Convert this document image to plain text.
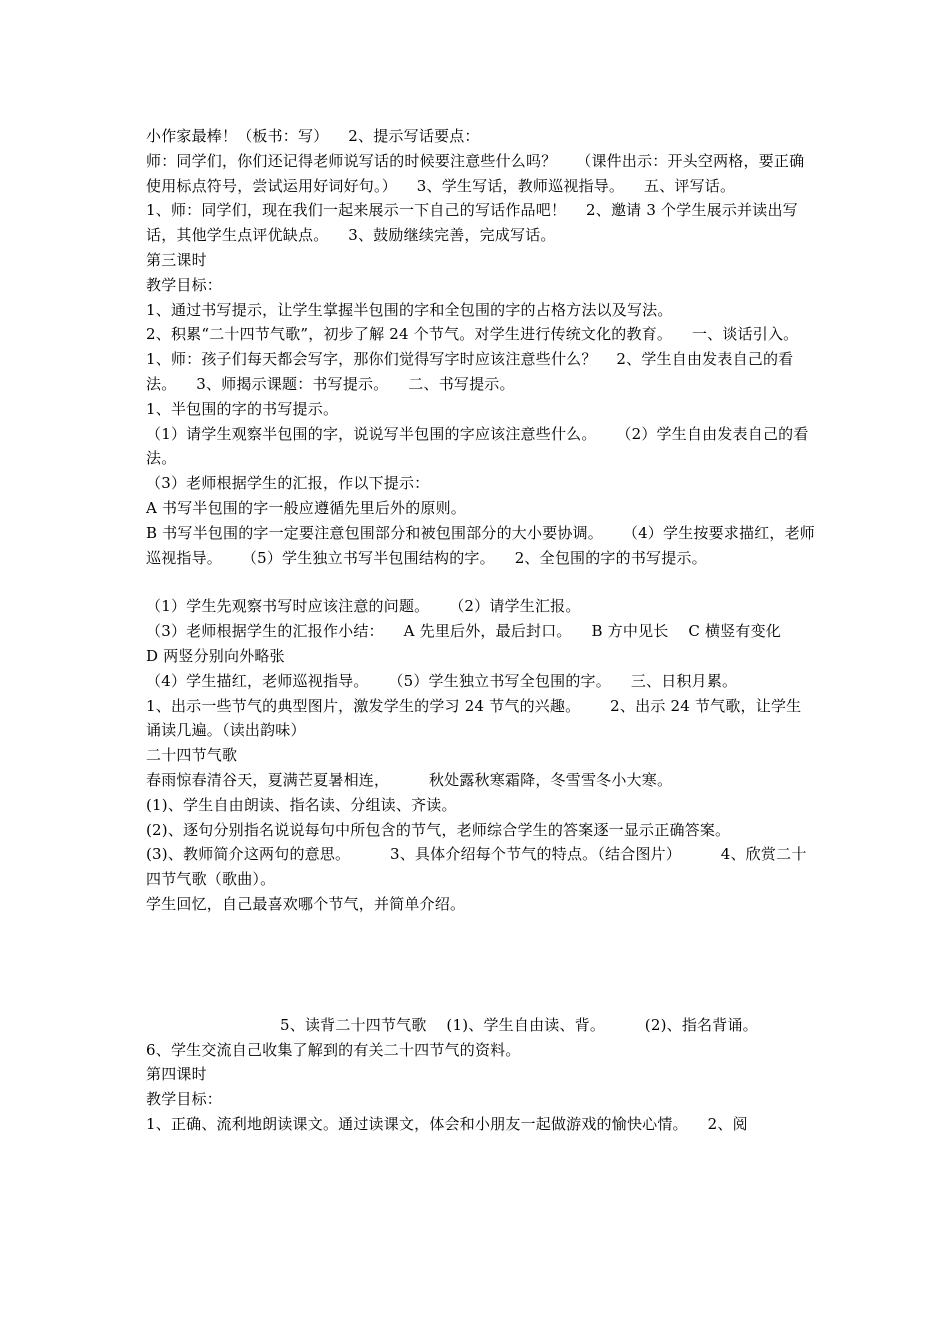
小作家最棒！（板书：写）    2、提示写话要点：

师：同学们，你们还记得老师说写话的时候要注意些什么吗？    （课件出示：开头空两格，要正确使用标点符号，尝试运用好词好句。）    3、学生写话，教师巡视指导。    五、评写话。

1、师：同学们，现在我们一起来展示一下自己的写话作品吧！    2、邀请 3 个学生展示并读出写话，其他学生点评优缺点。    3、鼓励继续完善，完成写话。

第三课时

教学目标：

1、通过书写提示，让学生掌握半包围的字和全包围的字的占格方法以及写法。

2、积累“二十四节气歌”，初步了解 24 个节气。对学生进行传统文化的教育。    一、谈话引入。

1、师：孩子们每天都会写字，那你们觉得写字时应该注意些什么？    2、学生自由发表自己的看法。    3、师揭示课题：书写提示。    二、书写提示。

1、半包围的字的书写提示。

（1）请学生观察半包围的字，说说写半包围的字应该注意些什么。    （2）学生自由发表自己的看法。

（3）老师根据学生的汇报，作以下提示：

A 书写半包围的字一般应遵循先里后外的原则。

B 书写半包围的字一定要注意包围部分和被包围部分的大小要协调。    （4）学生按要求描红，老师巡视指导。    （5）学生独立书写半包围结构的字。    2、全包围的字的书写提示。

（1）学生先观察书写时应该注意的问题。    （2）请学生汇报。

（3）老师根据学生的汇报作小结：    A 先里后外，最后封口。    B 方中见长    C 横竖有变化

D 两竖分别向外略张

（4）学生描红，老师巡视指导。    （5）学生独立书写全包围的字。    三、日积月累。

1、出示一些节气的典型图片，激发学生的学习 24 节气的兴趣。      2、出示 24 节气歌，让学生诵读几遍。（读出韵味）

二十四节气歌

春雨惊春清谷天，夏满芒夏暑相连，        秋处露秋寒霜降，冬雪雪冬小大寒。

(1)、学生自由朗读、指名读、分组读、齐读。

(2)、逐句分别指名说说每句中所包含的节气，老师综合学生的答案逐一显示正确答案。

(3)、教师简介这两句的意思。        3、具体介绍每个节气的特点。（结合图片）        4、欣赏二十四节气歌（歌曲）。

学生回忆，自己最喜欢哪个节气，并简单介绍。

5、读背二十四节气歌    (1)、学生自由读、背。        (2)、指名背诵。

6、学生交流自己收集了解到的有关二十四节气的资料。

第四课时

教学目标：

1、正确、流利地朗读课文。通过读课文，体会和小朋友一起做游戏的愉快心情。    2、阅
